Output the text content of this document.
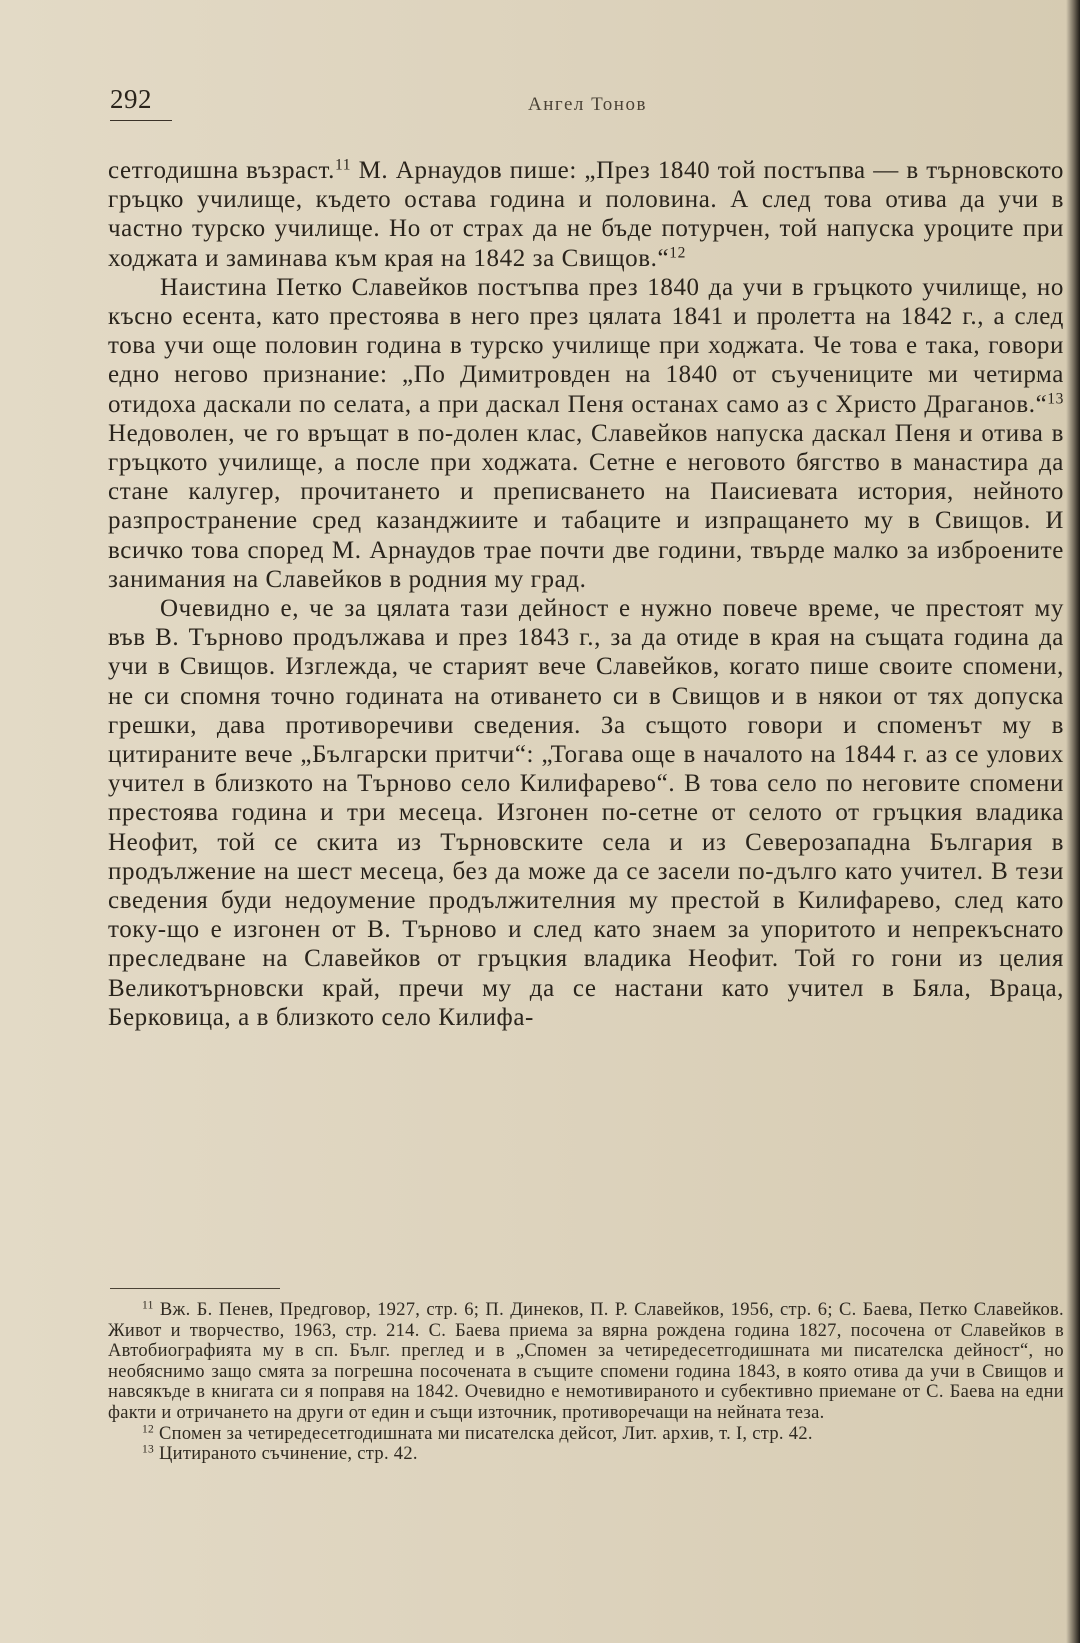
292	Ангел Тонов

сетгодишна възраст.$^{11}$ М. Арнаудов пише: „През 1840 той постъпва — в търновското гръцко училище, където остава година и половина. А след това отива да учи в частно турско училище. Но от страх да не бъде потурчен, той напуска уроците при ходжата и заминава към края на 1842 за Свищов.“$^{12}$

Наистина Петко Славейков постъпва през 1840 да учи в гръцкото училище, но късно есента, като престоява в него през цялата 1841 и пролетта на 1842 г., а след това учи още половин година в турско училище при ходжата. Че това е така, говори едно негово признание: „По Димитровден на 1840 от съучениците ми четирма отидоха даскали по селата, а при даскал Пеня останах само аз с Христо Драганов.“$^{13}$ Недоволен, че го връщат в по-долен клас, Славейков напуска даскал Пеня и отива в гръцкото училище, а после при ходжата. Сетне е неговото бягство в манастира да стане калугер, прочитането и преписването на Паисиевата история, нейното разпространение сред казанджиите и табаците и изпращането му в Свищов. И всичко това според М. Арнаудов трае почти две години, твърде малко за изброените занимания на Славейков в родния му град.

Очевидно е, че за цялата тази дейност е нужно повече време, че престоят му във В. Търново продължава и през 1843 г., за да отиде в края на същата година да учи в Свищов. Изглежда, че старият вече Славейков, когато пише своите спомени, не си спомня точно годината на отиването си в Свищов и в някои от тях допуска грешки, дава противоречиви сведения. За същото говори и споменът му в цитираните вече „Български притчи“: „Тогава още в началото на 1844 г. аз се улових учител в близкото на Търново село Килифарево“. В това село по неговите спомени престоява година и три месеца. Изгонен по-сетне от селото от гръцкия владика Неофит, той се скита из Търновските села и из Северозападна България в продължение на шест месеца, без да може да се засели по-дълго като учител. В тези сведения буди недоумение продължителния му престой в Килифарево, след като току-що е изгонен от В. Търново и след като знаем за упоритото и непрекъснато преследване на Славейков от гръцкия владика Неофит. Той го гони из целия Великотърновски край, пречи му да се настани като учител в Бяла, Враца, Берковица, а в близкото село Килифа-

$^{11}$ Вж. Б. Пенев, Предговор, 1927, стр. 6; П. Динеков, П. Р. Славейков, 1956, стр. 6; С. Баева, Петко Славейков. Живот и творчество, 1963, стр. 214. С. Баева приема за вярна рождена година 1827, посочена от Славейков в Автобиографията му в сп. Бълг. преглед и в „Спомен за четиредесетгодишната ми писателска дейност“, но необяснимо защо смята за погрешна посочената в същите спомени година 1843, в която отива да учи в Свищов и навсякъде в книгата си я поправя на 1842. Очевидно е немотивираното и субективно приемане от С. Баева на едни факти и отричането на други от един и същи източник, противоречащи на нейната теза.

$^{12}$ Спомен за четиредесетгодишната ми писателска дейсот, Лит. архив, т. I, стр. 42.

$^{13}$ Цитираното съчинение, стр. 42.
